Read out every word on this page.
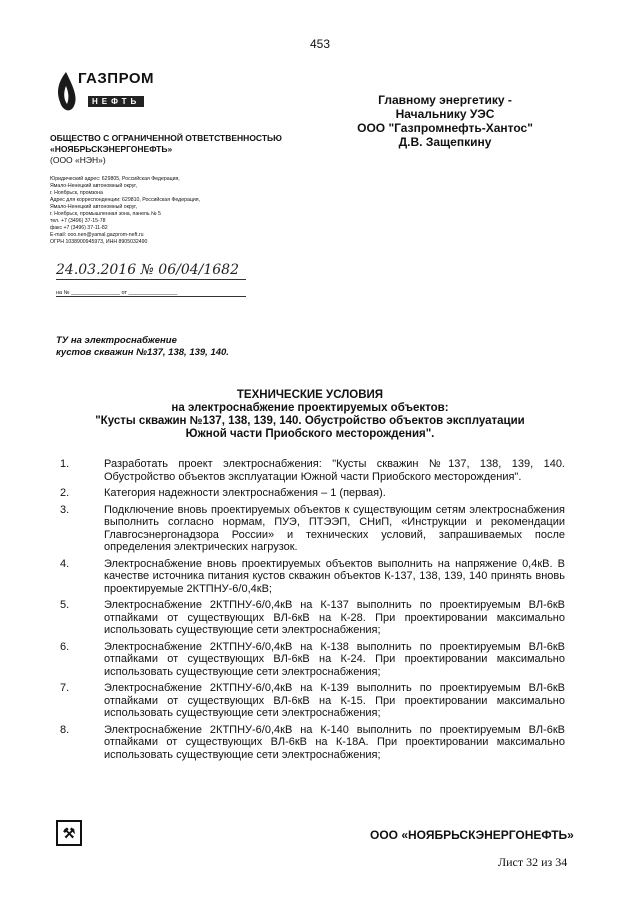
453
ГАЗПРОМ
НЕФТЬ
ОБЩЕСТВО С ОГРАНИЧЕННОЙ ОТВЕТСТВЕННОСТЬЮ
«НОЯБРЬСКЭНЕРГОНЕФТЬ»
(ООО «НЭН»)
Юридический адрес: 629805, Российская Федерация,
Ямало-Ненецкий автономный округ,
г. Ноябрьск, промзона
Адрес для корреспонденции: 629810, Российская Федерация,
Ямало-Ненецкий автономный округ,
г. Ноябрьск, промышленная зона, панель № 5
тел. +7 (3496) 37-15-78
факс +7 (3496) 37-11-82
E-mail: ooo.nen@yamal.gazprom-neft.ru
ОГРН 1038900945973, ИНН 8905032490
24.03.2016 № 06/04/1682
на № ________________ от ________________
Главному энергетику -
Начальнику УЭС
ООО "Газпромнефть-Хантос"
Д.В. Защепкину
ТУ на электроснабжение
кустов скважин №137, 138, 139, 140.
ТЕХНИЧЕСКИЕ УСЛОВИЯ
на электроснабжение проектируемых объектов:
"Кусты скважин №137, 138, 139, 140. Обустройство объектов эксплуатации
Южной части Приобского месторождения".
1.	Разработать проект электроснабжения: "Кусты скважин №137, 138, 139, 140. Обустройство объектов эксплуатации Южной части Приобского месторождения".
2.	Категория надежности электроснабжения – 1 (первая).
3.	Подключение вновь проектируемых объектов к существующим сетям электроснабжения выполнить согласно нормам, ПУЭ, ПТЭЭП, СНиП, «Инструкции и рекомендации Главгосэнергонадзора России» и технических условий, запрашиваемых после определения электрических нагрузок.
4.	Электроснабжение вновь проектируемых объектов выполнить на напряжение 0,4кВ. В качестве источника питания кустов скважин объектов К-137, 138, 139, 140 принять вновь проектируемые 2КТПНУ-6/0,4кВ;
5.	Электроснабжение 2КТПНУ-6/0,4кВ на К-137 выполнить по проектируемым ВЛ-6кВ отпайками от существующих ВЛ-6кВ на К-28. При проектировании максимально использовать существующие сети электроснабжения;
6.	Электроснабжение 2КТПНУ-6/0,4кВ на К-138 выполнить по проектируемым ВЛ-6кВ отпайками от существующих ВЛ-6кВ на К-24. При проектировании максимально использовать существующие сети электроснабжения;
7.	Электроснабжение 2КТПНУ-6/0,4кВ на К-139 выполнить по проектируемым ВЛ-6кВ отпайками от существующих ВЛ-6кВ на К-15. При проектировании максимально использовать существующие сети электроснабжения;
8.	Электроснабжение 2КТПНУ-6/0,4кВ на К-140 выполнить по проектируемым ВЛ-6кВ отпайками от существующих ВЛ-6кВ на К-18А. При проектировании максимально использовать существующие сети электроснабжения;
⚒	ООО «НОЯБРЬСКЭНЕРГОНЕФТЬ»
Лист 32 из 34
